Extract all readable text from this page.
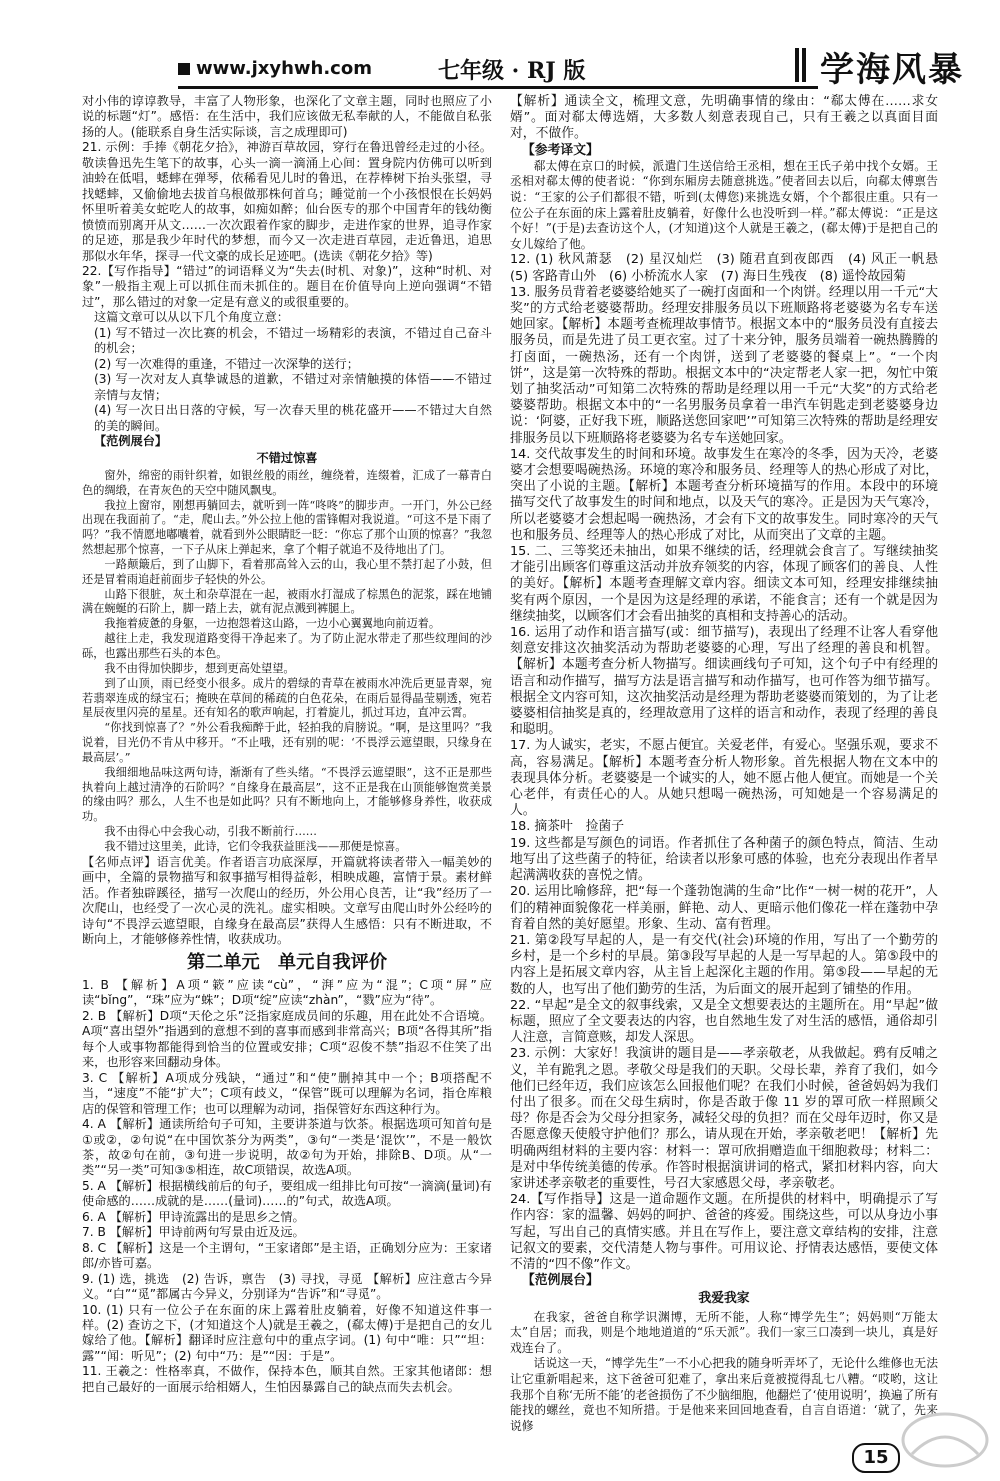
www.jxyhwh.com	七年级 · RJ 版	学海风暴

对小伟的谆谆教导，丰富了人物形象，也深化了文章主题，同时也照应了小说的标题“灯”。感悟：在生活中，我们应该做无私奉献的人，不能做自私张扬的人。(能联系自身生活实际谈，言之成理即可)

21. 示例：手捧《朝花夕拾》，神游百草故园，穿行在鲁迅曾经走过的小径。敬读鲁迅先生笔下的故事，心头一滴一滴涌上心间：置身院内仿佛可以听到油蛉在低唱，蟋蟀在弹琴，依稀看见儿时的鲁迅，在荐棒树下抬头张望，寻找蟋蟀，又偷偷地去拔首乌根做那株何首乌；睡觉前一个小孩恨恨在长妈妈怀里听着美女蛇吃人的故事，如痴如醉；仙台医专的那个中国青年的钱幼衡愤愤而别离开从文……一次次跟着作家的脚步，走进作家的世界，追寻作家的足迹，那是我少年时代的梦想，而今又一次走进百草园，走近鲁迅，追思那似水年华，探寻一代文豪的成长足迹吧。(选读《朝花夕拾》等)

22.【写作指导】“错过”的词语释义为“失去(时机、对象)”，这种“时机、对象”一般指主观上可以抓住而未抓住的。题目在价值导向上逆向强调“不错过”，那么错过的对象一定是有意义的或很重要的。

这篇文章可以从以下几个角度立意：

(1) 写不错过一次比赛的机会，不错过一场精彩的表演，不错过自己奋斗的机会；

(2) 写一次难得的重逢，不错过一次深挚的送行；

(3) 写一次对友人真挚诚恳的道歉，不错过对亲情触摸的体悟——不错过亲情与友情；

(4) 写一次日出日落的守候，写一次春天里的桃花盛开——不错过大自然的美的瞬间。

【范例展台】

不错过惊喜

窗外，绵密的雨针织着，如银丝般的雨丝，缠绕着，连缀着，汇成了一幕青白色的绸缎，在青灰色的天空中随风飘曳。

我拉上窗帘，刚想再躺回去，就听到一阵“咚咚”的脚步声。一开门，外公已经出现在我面前了。“走，爬山去。”外公拉上他的雷锋帽对我说道。“可这不是下雨了吗？”我不情愿地嘟囔着，就看到外公眼睛眨一眨：“你忘了那个山顶的惊喜？”我忽然想起那个惊喜，一下子从床上弹起来，拿了个帽子就追不及待地出了门。

一路颠簸后，到了山脚下，看着那高耸入云的山，我心里不禁打起了小鼓，但还是冒着雨追赶前面步子轻快的外公。

山路下很脏，灰土和杂草混在一起，被雨水打湿成了棕黑色的泥浆，踩在地铺满在蜿蜒的石阶上，脚一踏上去，就有泥点溅到裤腿上。

我拖着疲惫的身躯，一边抱怨着这山路，一边小心翼翼地向前迈着。

越往上走，我发现道路变得干净起来了。为了防止泥水带走了那些纹理间的沙砾，也露出那些石头的本色。

我不由得加快脚步，想到更高处望望。

到了山顶，雨已经变小很多。成片的碧绿的青草在被雨水冲洗后更显青翠，宛若翡翠连成的绿宝石；掩映在草间的稀疏的白色花朵，在雨后显得晶莹剔透，宛若星辰夜里闪亮的星星。还有知名的歌声响起，打着旋儿，抓过耳边，直冲云霄。

“你找到惊喜了？”外公看我痴醉于此，轻拍我的肩膀说。“啊，是这里吗？”我说着，目光仍不肯从中移开。“不止哦，还有别的呢：‘不畏浮云遮望眼，只缘身在最高层’。”

我细细地品味这两句诗，渐渐有了些头绪。“不畏浮云遮望眼”，这不正是那些执着向上越过清净的石阶吗？“自缘身在最高层”，这不正是我在山顶能够饱赏美景的缘由吗？那么，人生不也是如此吗？只有不断地向上，才能够修身养性，收获成功。

我不由得心中会我心动，引我不断前行……

我不错过这里美，此诗，它们令我获益匪浅——那便是惊喜。

【名师点评】语言优美。作者语言功底深厚，开篇就将读者带入一幅美妙的画中，全篇的景物描写和叙事描写相得益彰，相映成趣，富情于景。素材鲜活。作者独辟蹊径，描写一次爬山的经历，外公用心良苦，让“我”经历了一次爬山，也经受了一次心灵的洗礼。虚实相映。文章写由爬山时外公经吟的诗句“不畏浮云遮望眼，自缘身在最高层”获得人生感悟：只有不断进取，不断向上，才能够修养性情，收获成功。

第二单元　单元自我评价

1. B 【解析】A项“簌”应读“cù”，“湃”应为“混”；C项“屏”应读“bǐng”，“珠”应为“蛛”；D项“绽”应读“zhàn”，“戮”应为“待”。

2. B 【解析】D项“天伦之乐”泛指家庭成员间的乐趣，用在此处不合语境。A项“喜出望外”指遇到的意想不到的喜事而感到非常高兴；B项“各得其所”指每个人或事物都能得到恰当的位置或安排；C项“忍俊不禁”指忍不住笑了出来，也形容来回翻动身体。

3. C 【解析】A项成分残缺，“通过”和“使”删掉其中一个；B项搭配不当，“速度”不能“扩大”；C项有歧义，“保管”既可以理解为名词，指仓库粮店的保管和管理工作；也可以理解为动词，指保管好东西这种行为。

4. A 【解析】通读所给句子可知，主要讲茶道与饮茶。根据选项可知首句是①或②，②句说“在中国饮茶分为两类”，③句“一类是‘混饮’”，不是一般饮茶，故②句在前，③句进一步说明，故②句为开始，排除B、D项。从“一类”“另一类”可知③⑤相连，故C项错误，故选A项。

5. A 【解析】根据横线前后的句子，要组成一组排比句可按“一滴滴(量词)有使命感的……成就的是……(量词)……的”句式，故选A项。

6. A 【解析】甲诗流露出的是思乡之情。

7. B 【解析】甲诗前两句写景由近及远。

8. C 【解析】这是一个主谓句，“王家诸郎”是主语，正确划分应为：王家诸郎/亦皆可嘉。

9. (1) 选，挑选　(2) 告诉，禀告　(3) 寻找，寻觅 【解析】应注意古今异义。“白”“觅”都属古今异义，分别译为“告诉”和“寻觅”。

10. (1) 只有一位公子在东面的床上露着肚皮躺着，好像不知道这件事一样。(2) 查访之下，(才知道这个人)就是王羲之，(郗太傅)于是把自己的女儿嫁给了他。【解析】翻译时应注意句中的重点字词。(1) 句中“唯：只”“坦：露”“闻：听见”；(2) 句中“乃：是”“因：于是”。

11. 王羲之：性格率真，不做作，保持本色，顺其自然。王家其他诸郎：想把自己最好的一面展示给相婿人，生怕因暴露自己的缺点而失去机会。

【解析】通读全文，梳理文意，先明确事情的缘由：“郗太傅在……求女婿”。面对郗太傅选婿，大多数人刻意表现自己，只有王羲之以真面目面对，不做作。

【参考译文】

郗太傅在京口的时候，派遣门生送信给王丞相，想在王氏子弟中找个女婿。王丞相对郗太傅的使者说：“你到东厢房去随意挑选。”使者回去以后，向郗太傅禀告说：“王家的公子们都很不错，听到(太傅您)来挑选女婿，个个都很庄重。只有一位公子在东面的床上露着肚皮躺着，好像什么也没听到一样。”郗太傅说：“正是这个好！”(于是)去查访这个人，(才知道)这个人就是王羲之，(郗太傅)于是把自己的女儿嫁给了他。

12. (1) 秋风萧瑟　(2) 星汉灿烂　(3) 随君直到夜郎西　(4) 风正一帆悬　(5) 客路青山外　(6) 小桥流水人家　(7) 海日生残夜　(8) 遥怜故园菊

13. 服务员背着老婆婆给她买了一碗打卤面和一个肉饼。经理以用一千元“大奖”的方式给老婆婆帮助。经理安排服务员以下班顺路将老婆婆为名专车送她回家。【解析】本题考查梳理故事情节。根据文本中的“服务员没有直接去服务员，而是先进了员工更衣室。过了十来分钟，服务员端着一碗热腾腾的打卤面，一碗热汤，还有一个肉饼，送到了老婆婆的餐桌上”。“一个肉饼”，这是第一次特殊的帮助。根据文本中的“决定帮老人家一把，匆忙中策划了抽奖活动”可知第二次特殊的帮助是经理以用一千元“大奖”的方式给老婆婆帮助。根据文本中的“一名男服务员拿着一串汽车钥匙走到老婆婆身边说：‘阿婆，正好我下班，顺路送您回家吧’”可知第三次特殊的帮助是经理安排服务员以下班顺路将老婆婆为名专车送她回家。

14. 交代故事发生的时间和环境。故事发生在寒冷的冬季，因为天冷，老婆婆才会想要喝碗热汤。环境的寒冷和服务员、经理等人的热心形成了对比，突出了小说的主题。【解析】本题考查分析环境描写的作用。本段中的环境描写交代了故事发生的时间和地点，以及天气的寒冷。正是因为天气寒冷，所以老婆婆才会想起喝一碗热汤，才会有下文的故事发生。同时寒冷的天气也和服务员、经理等人的热心形成了对比，从而突出了文章的主题。

15. 二、三等奖还未抽出，如果不继续的话，经理就会食言了。写继续抽奖才能引出顾客们尊重这活动并放弃领奖的内容，体现了顾客们的善良、人性的美好。【解析】本题考查理解文章内容。细读文本可知，经理安排继续抽奖有两个原因，一个是因为这是经理的承诺，不能食言；还有一个就是因为继续抽奖，以顾客们才会看出抽奖的真相和支持善心的活动。

16. 运用了动作和语言描写(或：细节描写)，表现出了经理不让客人看穿他刻意安排这次抽奖活动为帮助老婆婆的心理，写出了经理的善良和机智。【解析】本题考查分析人物描写。细读画线句子可知，这个句子中有经理的语言和动作描写，描写方法是语言描写和动作描写，也可作答为细节描写。根据全文内容可知，这次抽奖活动是经理为帮助老婆婆而策划的，为了让老婆婆相信抽奖是真的，经理故意用了这样的语言和动作，表现了经理的善良和聪明。

17. 为人诚实，老实，不愿占便宜。关爱老伴，有爱心。坚强乐观，要求不高，容易满足。【解析】本题考查分析人物形象。首先根据人物在文本中的表现具体分析。老婆婆是一个诚实的人，她不愿占他人便宜。而她是一个关心老伴，有责任心的人。从她只想喝一碗热汤，可知她是一个容易满足的人。

18. 摘茶叶　捡菌子

19. 这些都是写颜色的词语。作者抓住了各种菌子的颜色特点，简洁、生动地写出了这些菌子的特征，给读者以形象可感的体验，也充分表现出作者早起满满收获的喜悦之情。

20. 运用比喻修辞，把“每一个蓬勃饱满的生命”比作“一树一树的花开”，人们的精神面貌像花一样美丽，鲜艳、动人、更暗示他们像花一样在蓬勃中孕育着自然的美好愿望。形象、生动、富有哲理。

21. 第②段写早起的人，是一有交代(社会)环境的作用，写出了一个勤劳的乡村，是一个乡村的早晨。第③段写早起的人是一写早起的人。第⑤段中的内容上是拓展文章内容，从主旨上起深化主题的作用。第⑤段——早起的无数的人，也写出了他们勤劳的生活，为后面文的展开起到了铺垫的作用。

22. “早起”是全文的叙事线索，又是全文想要表达的主题所在。用“早起”做标题，照应了全文要表达的内容，也自然地生发了对生活的感悟，通俗却引人注意，言简意赅，却发人深思。

23. 示例：大家好！我演讲的题目是——孝亲敬老，从我做起。鸦有反哺之义，羊有跪乳之恩。孝敬父母是我们的天职。父母长辈，养育了我们，如今他们已经年迈，我们应该怎么回报他们呢？在我们小时候，爸爸妈妈为我们付出了很多。而在父母生病时，你是否敢于像 11 岁的罩可欣一样照顾父母？你是否会为父母分担家务，减轻父母的负担？而在父母年迈时，你又是否愿意像天使般守护他们？那么，请从现在开始，孝亲敬老吧！【解析】先明确两组材料的主要内容：材料一：罩可欣捐赠造血干细胞救母；材料二：是对中华传统美德的传承。作答时根据演讲词的格式，紧扣材料内容，向大家讲述孝亲敬老的重要性，号召大家感恩父母，孝亲敬老。

24.【写作指导】这是一道命题作文题。在所提供的材料中，明确提示了写作内容：家的温馨、妈妈的呵护、爸爸的疼爱。围绕这些，可以从身边小事写起，写出自己的真情实感。并且在写作上，要注意文章结构的安排，注意记叙文的要素，交代清楚人物与事件。可用议论、抒情表达感悟，要使文体不清的“四不像”作文。

【范例展台】

我爱我家

在我家，爸爸自称学识渊博，无所不能，人称“博学先生”；妈妈则“万能太太”自居；而我，则是个地地道道的“乐天派”。我们一家三口凑到一块儿，真是好戏连台了。

话说这一天，“博学先生”一不小心把我的随身听弄坏了，无论什么维修也无法让它重新唱起来，这下爸爸可犯难了，拿出来后竟被搅得乱七八糟。“哎哟，这让我那个自称‘无所不能’的老爸损伤了不少脑细胞，他翻烂了‘使用说明’，换遍了所有能找的螺丝，竟也不知所措。于是他来来回回地查看，自言自语道：‘就了，先来说修

15
